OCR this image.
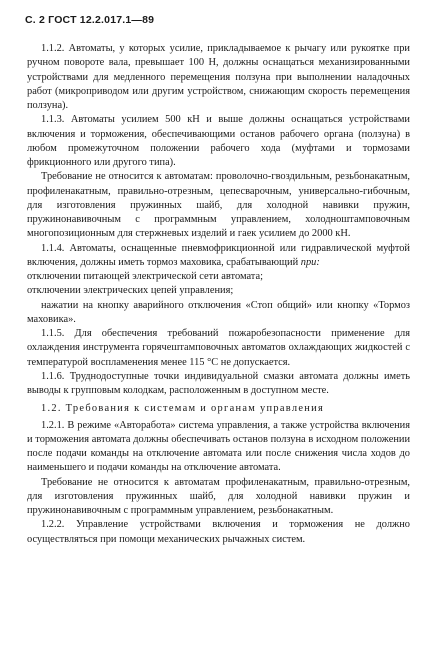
С. 2 ГОСТ 12.2.017.1—89

1.1.2. Автоматы, у которых усилие, прикладываемое к рычагу или рукоятке при ручном повороте вала, превышает 100 Н, должны оснащаться механизированными устройствами для медленного перемещения ползуна при выполнении наладочных работ (микроприводом или другим устройством, снижающим скорость перемещения ползуна).

1.1.3. Автоматы усилием 500 кН и выше должны оснащаться устройствами включения и торможения, обеспечивающими останов рабочего органа (ползуна) в любом промежуточном положении рабочего хода (муфтами и тормозами фрикционного или другого типа).

Требование не относится к автоматам: проволочно-гвоздильным, резьбонакатным, профиленакатным, правильно-отрезным, цепесварочным, универсально-гибочным, для изготовления пружинных шайб, для холодной навивки пружин, пружинонавивочным с программным управлением, холодноштамповочным многопозиционным для стержневых изделий и гаек усилием до 2000 кН.

1.1.4. Автоматы, оснащенные пневмофрикционной или гидравлической муфтой включения, должны иметь тормоз маховика, срабатывающий при:

отключении питающей электрической сети автомата;

отключении электрических цепей управления;

нажатии на кнопку аварийного отключения «Стоп общий» или кнопку «Тормоз маховика».

1.1.5. Для обеспечения требований пожаробезопасности применение для охлаждения инструмента горячештамповочных автоматов охлаждающих жидкостей с температурой воспламенения менее 115 °С не допускается.

1.1.6. Труднодоступные точки индивидуальной смазки автомата должны иметь выводы к групповым колодкам, расположенным в доступном месте.

1.2. Требования к системам и органам управления

1.2.1. В режиме «Авторабота» система управления, а также устройства включения и торможения автомата должны обеспечивать останов ползуна в исходном положении после подачи команды на отключение автомата или после снижения числа ходов до наименьшего и подачи команды на отключение автомата.

Требование не относится к автоматам профиленакатным, правильно-отрезным, для изготовления пружинных шайб, для холодной навивки пружин и пружинонавивочным с программным управлением, резьбонакатным.

1.2.2. Управление устройствами включения и торможения не должно осуществляться при помощи механических рычажных систем.
